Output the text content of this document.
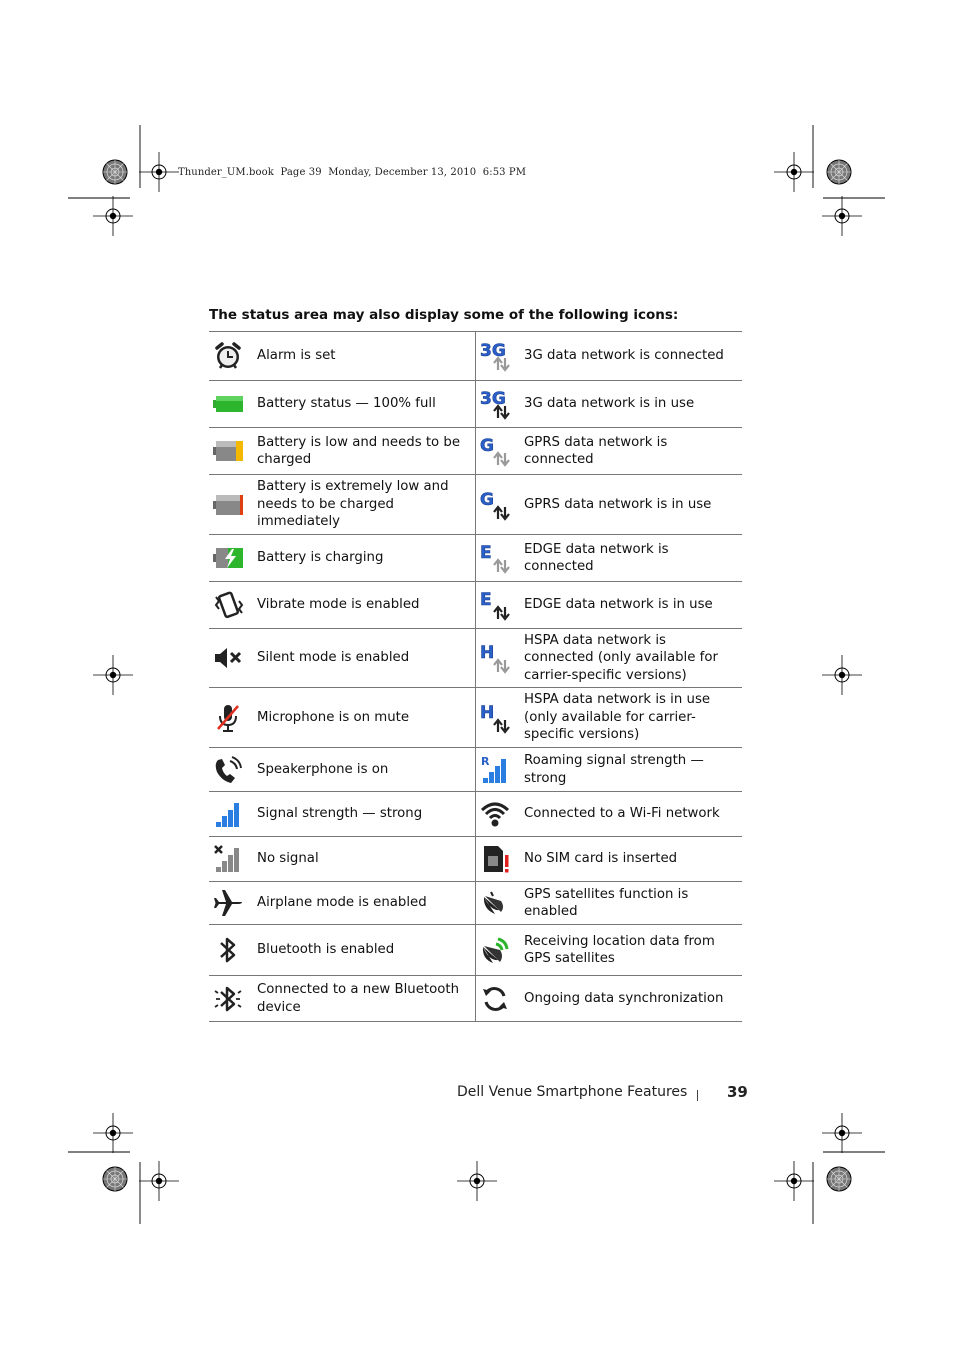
Thunder_UM.book  Page 39  Monday, December 13, 2010  6:53 PM
The status area may also display some of the following icons:
	Alarm is set	3G	3G data network is connected

	Battery status — 100% full	3G	3G data network is in use

	Battery is low and needs to be charged	G	GPRS data network is connected

	Battery is extremely low and needs to be charged immediately	G	GPRS data network is in use

	Battery is charging	E	EDGE data network is connected

	Vibrate mode is enabled	E	EDGE data network is in use

	Silent mode is enabled	H	HSPA data network is connected (only available for carrier-specific versions)

	Microphone is on mute	H	HSPA data network is in use (only available for carrier-specific versions)

	Speakerphone is on	R	Roaming signal strength — strong

	Signal strength — strong		Connected to a Wi-Fi network

	No signal		No SIM card is inserted

	Airplane mode is enabled		GPS satellites function is enabled

	Bluetooth is enabled		Receiving location data from GPS satellites

	Connected to a new Bluetooth device		Ongoing data synchronization
Dell Venue Smartphone Features	39
